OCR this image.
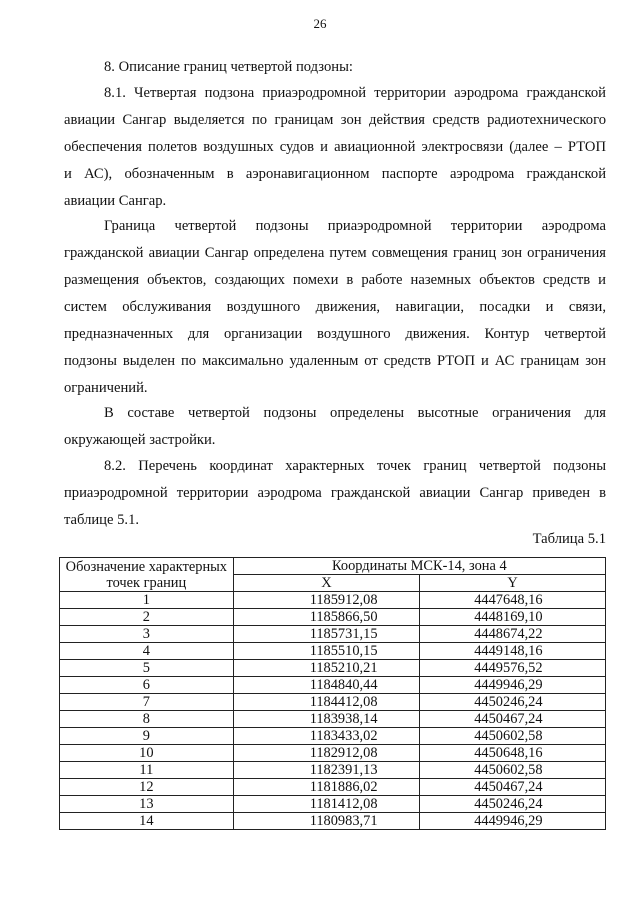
26
8. Описание границ четвертой подзоны:
8.1. Четвертая подзона приаэродромной территории аэродрома гражданской
авиации Сангар выделяется по границам зон действия средств радиотехнического
обеспечения полетов воздушных судов и авиационной электросвязи (далее – РТОП
и АС), обозначенным в аэронавигационном паспорте аэродрома гражданской
авиации Сангар.
Граница четвертой подзоны приаэродромной территории аэродрома
гражданской авиации Сангар определена путем совмещения границ зон ограничения
размещения объектов, создающих помехи в работе наземных объектов средств и
систем обслуживания воздушного движения, навигации, посадки и связи,
предназначенных для организации воздушного движения. Контур четвертой
подзоны выделен по максимально удаленным от средств РТОП и АС границам зон
ограничений.
В составе четвертой подзоны определены высотные ограничения для
окружающей застройки.
8.2. Перечень координат характерных точек границ четвертой подзоны
приаэродромной территории аэродрома гражданской авиации Сангар приведен в
таблице 5.1.
Таблица 5.1
Обозначение характерных
точек границ	Координаты МСК-14, зона 4	
	X	Y
1	1185912,08	4447648,16
2	1185866,50	4448169,10
3	1185731,15	4448674,22
4	1185510,15	4449148,16
5	1185210,21	4449576,52
6	1184840,44	4449946,29
7	1184412,08	4450246,24
8	1183938,14	4450467,24
9	1183433,02	4450602,58
10	1182912,08	4450648,16
11	1182391,13	4450602,58
12	1181886,02	4450467,24
13	1181412,08	4450246,24
14	1180983,71	4449946,29
